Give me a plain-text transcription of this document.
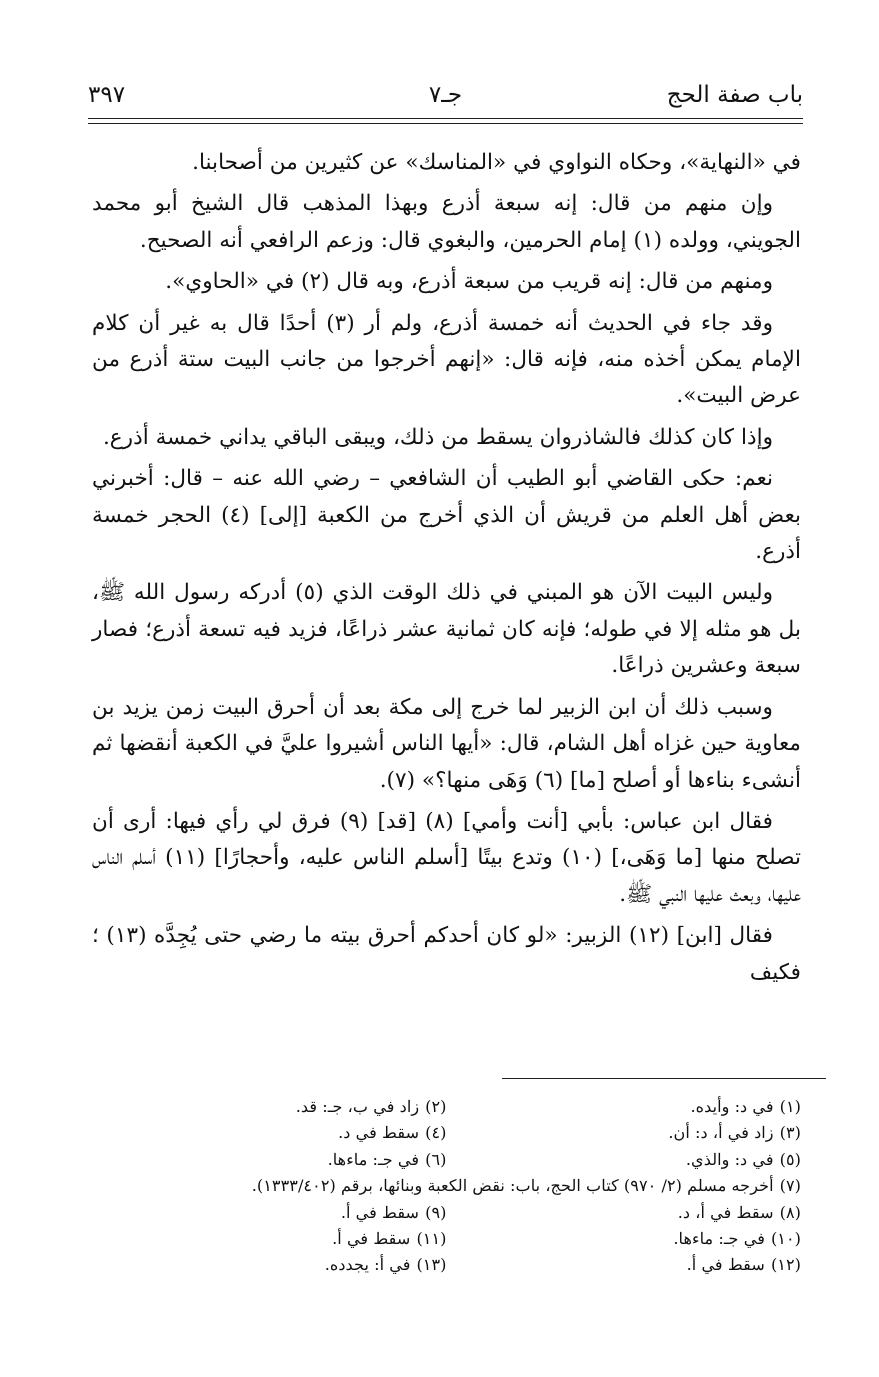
باب صفة الحج
جـ٧
٣٩٧

في «النهاية»، وحكاه النواوي في «المناسك» عن كثيرين من أصحابنا.

وإن منهم من قال: إنه سبعة أذرع وبهذا المذهب قال الشيخ أبو محمد الجويني، وولده (١) إمام الحرمين، والبغوي قال: وزعم الرافعي أنه الصحيح.

ومنهم من قال: إنه قريب من سبعة أذرع، وبه قال (٢) في «الحاوي».

وقد جاء في الحديث أنه خمسة أذرع، ولم أر (٣) أحدًا قال به غير أن كلام الإمام يمكن أخذه منه، فإنه قال: «إنهم أخرجوا من جانب البيت ستة أذرع من عرض البيت».

وإذا كان كذلك فالشاذروان يسقط من ذلك، ويبقى الباقي يداني خمسة أذرع.

نعم: حكى القاضي أبو الطيب أن الشافعي – رضي الله عنه – قال: أخبرني بعض أهل العلم من قريش أن الذي أخرج من الكعبة [إلى] (٤) الحجر خمسة أذرع.

وليس البيت الآن هو المبني في ذلك الوقت الذي (٥) أدركه رسول الله ﷺ، بل هو مثله إلا في طوله؛ فإنه كان ثمانية عشر ذراعًا، فزيد فيه تسعة أذرع؛ فصار سبعة وعشرين ذراعًا.

وسبب ذلك أن ابن الزبير لما خرج إلى مكة بعد أن أحرق البيت زمن يزيد بن معاوية حين غزاه أهل الشام، قال: «أيها الناس أشيروا عليَّ في الكعبة أنقضها ثم أنشىء بناءها أو أصلح [ما] (٦) وَهَى منها؟» (٧).

فقال ابن عباس: بأبي [أنت وأمي] (٨) [قد] (٩) فرق لي رأي فيها: أرى أن تصلح منها [ما وَهَى،] (١٠) وتدع بيتًا [أسلم الناس عليه، وأحجارًا] (١١) أسلم الناس عليها، وبعث عليها النبي ﷺ.

فقال [ابن] (١٢) الزبير: «لو كان أحدكم أحرق بيته ما رضي حتى يُجِدَّه (١٣) ؛ فكيف

(١)في د: وأيده.
(٢)زاد في ب، جـ: قد.
(٣)زاد في أ، د: أن.
(٤)سقط في د.
(٥)في د: والذي.
(٦)في جـ: ماءها.
(٧)أخرجه مسلم (٢/ ٩٧٠) كتاب الحج، باب: نقض الكعبة وبنائها، برقم (١٣٣٣/٤٠٢).
(٨)سقط في أ، د.
(٩)سقط في أ.
(١٠)في جـ: ماءها.
(١١)سقط في أ.
(١٢)سقط في أ.
(١٣)في أ: يجدده.
